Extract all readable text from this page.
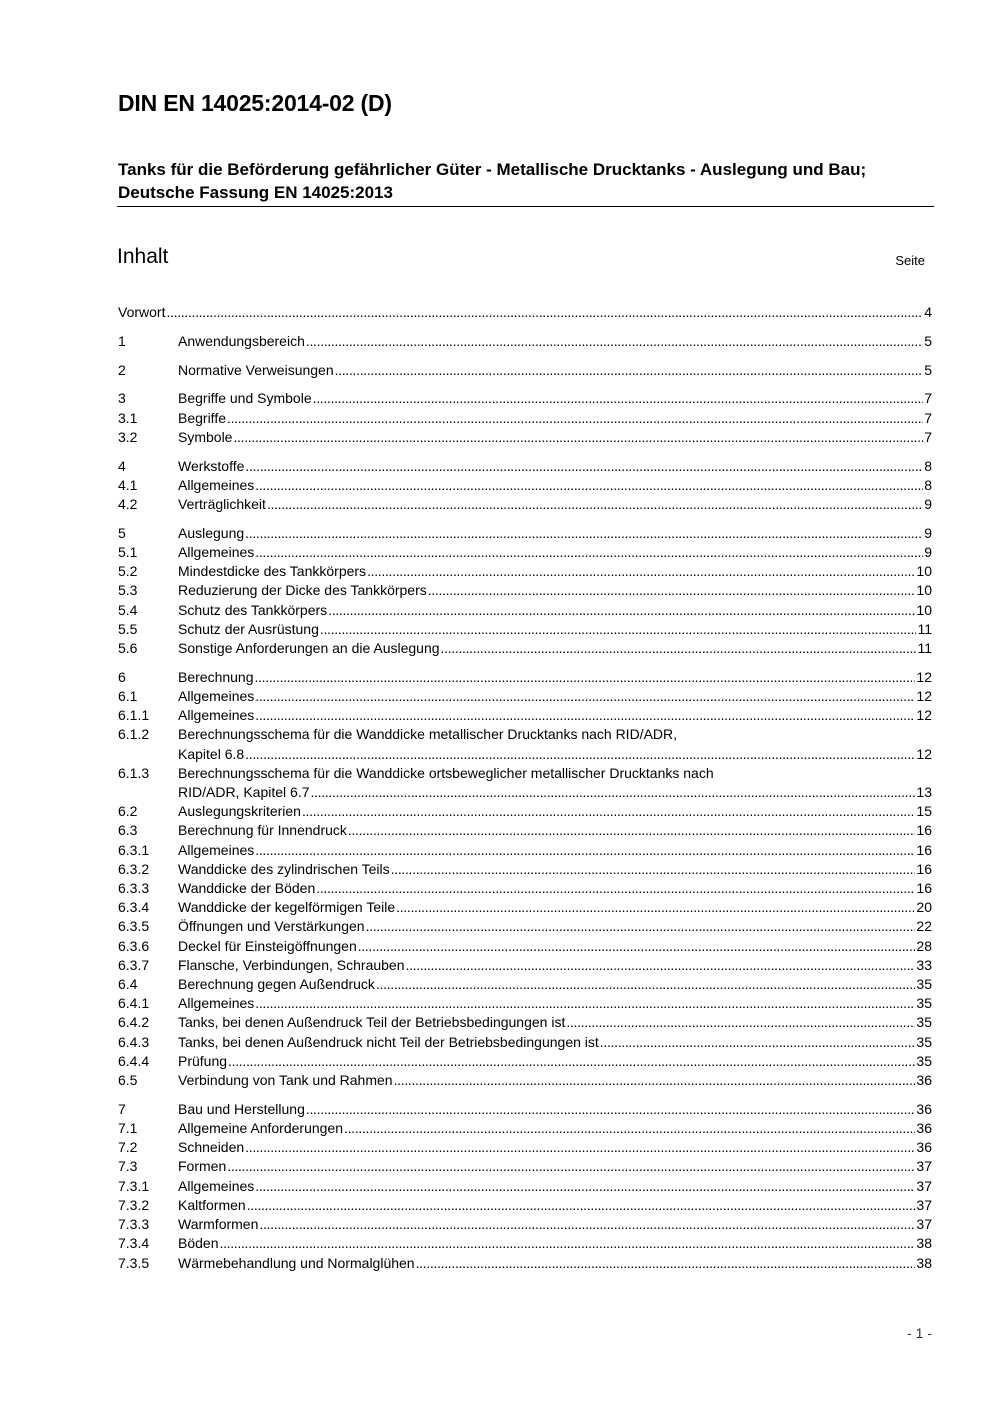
DIN EN 14025:2014-02 (D)
Tanks für die Beförderung gefährlicher Güter - Metallische Drucktanks - Auslegung und Bau; Deutsche Fassung EN 14025:2013
Inhalt	Seite
Vorwort . . .	4
1	Anwendungsbereich . . .	5
2	Normative Verweisungen . . .	5
3	Begriffe und Symbole . . .	7
3.1	Begriffe . . .	7
3.2	Symbole . . .	7
4	Werkstoffe . . .	8
4.1	Allgemeines . . .	8
4.2	Verträglichkeit . . .	9
5	Auslegung . . .	9
5.1	Allgemeines . . .	9
5.2	Mindestdicke des Tankkörpers . . .	10
5.3	Reduzierung der Dicke des Tankkörpers . . .	10
5.4	Schutz des Tankkörpers . . .	10
5.5	Schutz der Ausrüstung . . .	11
5.6	Sonstige Anforderungen an die Auslegung . . .	11
6	Berechnung . . .	12
6.1	Allgemeines . . .	12
6.1.1	Allgemeines . . .	12
6.1.2	Berechnungsschema für die Wanddicke metallischer Drucktanks nach RID/ADR,
Kapitel 6.8 . . .	12
6.1.3	Berechnungsschema für die Wanddicke ortsbeweglicher metallischer Drucktanks nach
RID/ADR, Kapitel 6.7 . . .	13
6.2	Auslegungskriterien . . .	15
6.3	Berechnung für Innendruck . . .	16
6.3.1	Allgemeines . . .	16
6.3.2	Wanddicke des zylindrischen Teils . . .	16
6.3.3	Wanddicke der Böden . . .	16
6.3.4	Wanddicke der kegelförmigen Teile . . .	20
6.3.5	Öffnungen und Verstärkungen . . .	22
6.3.6	Deckel für Einsteigöffnungen . . .	28
6.3.7	Flansche, Verbindungen, Schrauben . . .	33
6.4	Berechnung gegen Außendruck . . .	35
6.4.1	Allgemeines . . .	35
6.4.2	Tanks, bei denen Außendruck Teil der Betriebsbedingungen ist . . .	35
6.4.3	Tanks, bei denen Außendruck nicht Teil der Betriebsbedingungen ist . . .	35
6.4.4	Prüfung . . .	35
6.5	Verbindung von Tank und Rahmen . . .	36
7	Bau und Herstellung . . .	36
7.1	Allgemeine Anforderungen . . .	36
7.2	Schneiden . . .	36
7.3	Formen . . .	37
7.3.1	Allgemeines . . .	37
7.3.2	Kaltformen . . .	37
7.3.3	Warmformen . . .	37
7.3.4	Böden . . .	38
7.3.5	Wärmebehandlung und Normalglühen . . .	38
- 1 -
